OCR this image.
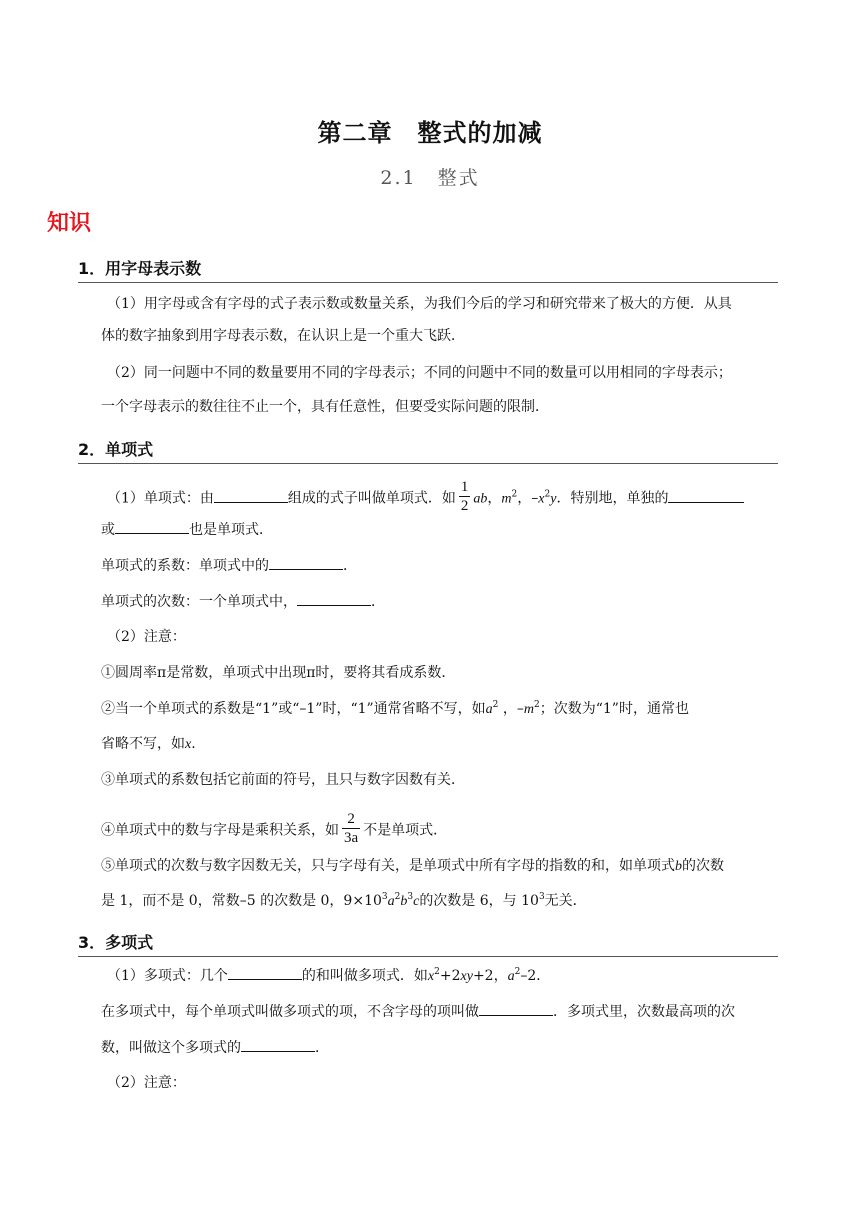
第二章　整式的加减
2.1　整式
知识
1．用字母表示数
（1）用字母或含有字母的式子表示数或数量关系，为我们今后的学习和研究带来了极大的方便．从具
体的数字抽象到用字母表示数，在认识上是一个重大飞跃．
（2）同一问题中不同的数量要用不同的字母表示；不同的问题中不同的数量可以用相同的字母表示；
一个字母表示的数往往不止一个，具有任意性，但要受实际问题的限制．
2．单项式
（1）单项式：由	组成的式子叫做单项式．如 $\frac{1}{2}$ ab，$m^2$，$-x^2y$．特别地，单独的
或	也是单项式．
单项式的系数：单项式中的	．
单项式的次数：一个单项式中，	．
（2）注意：
①圆周率π是常数，单项式中出现π时，要将其看成系数．
②当一个单项式的系数是“1”或“–1”时，“1”通常省略不写，如$a^2$ ，$-m^2$；次数为“1”时，通常也
省略不写，如x.
③单项式的系数包括它前面的符号，且只与数字因数有关．
④单项式中的数与字母是乘积关系，如 $\frac{2}{3a}$ 不是单项式．
⑤单项式的次数与数字因数无关，只与字母有关，是单项式中所有字母的指数的和，如单项式b的次数
是 1，而不是 0，常数–5 的次数是 0，$9\times 10^3a^2b^3c$的次数是 6，与 $10^3$无关．
3．多项式
（1）多项式：几个	的和叫做多项式．如$x^2+2xy+2$，$a^2-2$．
在多项式中，每个单项式叫做多项式的项，不含字母的项叫做	．多项式里，次数最高项的次
数，叫做这个多项式的	．
（2）注意：
